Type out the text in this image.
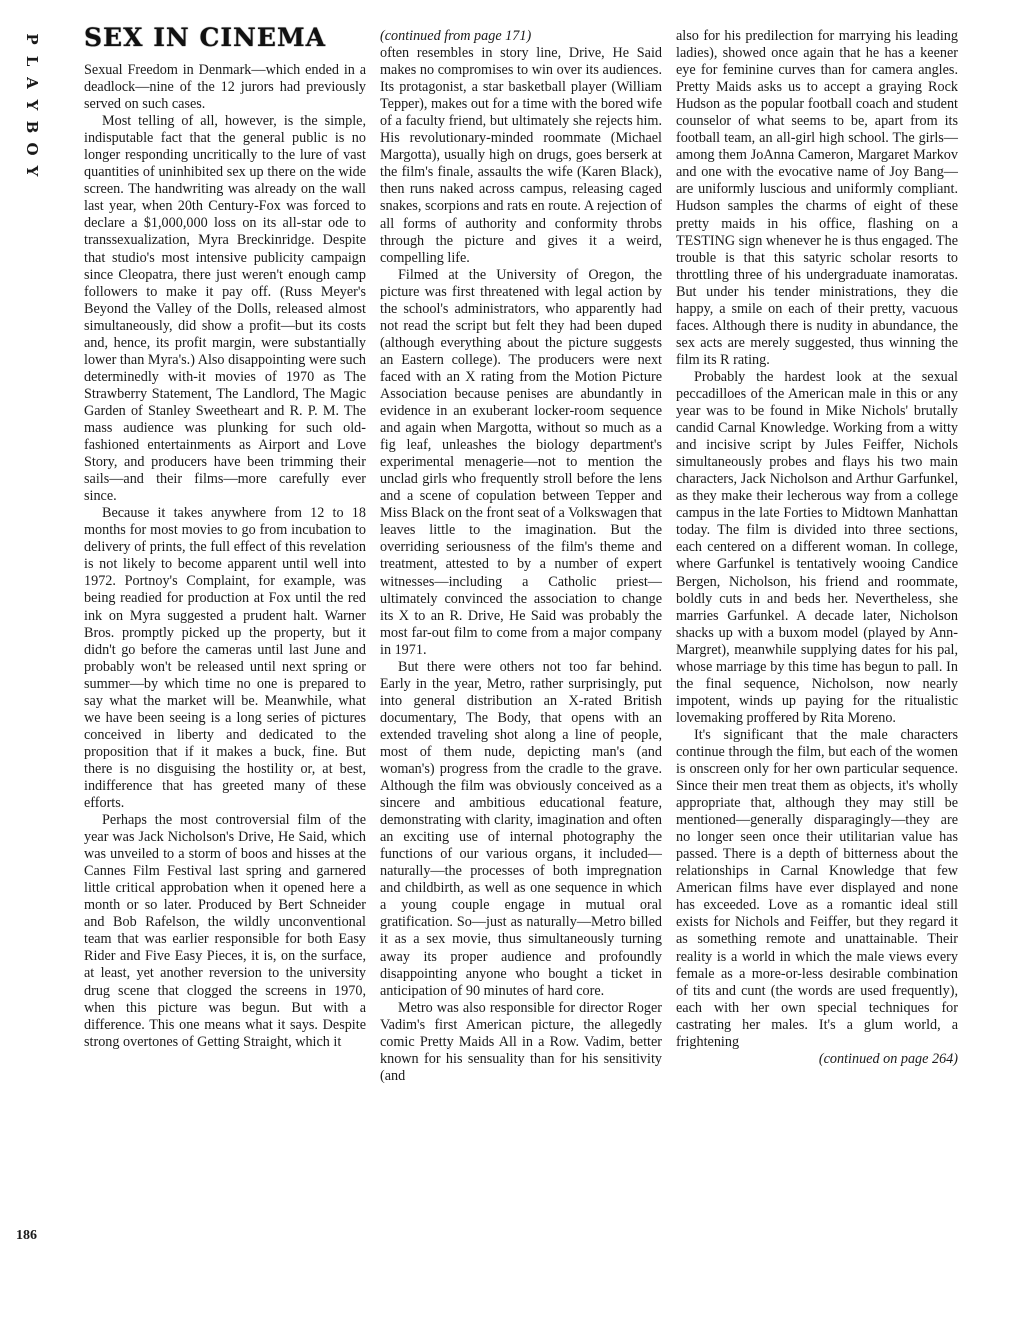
P
L
A
Y
B
O
Y
186
SEX IN CINEMA

Sexual Freedom in Denmark—which ended in a deadlock—nine of the 12 jurors had previously served on such cases.

Most telling of all, however, is the simple, indisputable fact that the general public is no longer responding uncritically to the lure of vast quantities of uninhibited sex up there on the wide screen. The handwriting was already on the wall last year, when 20th Century-Fox was forced to declare a $1,000,000 loss on its all-star ode to transsexualization, Myra Breckinridge. Despite that studio's most intensive publicity campaign since Cleopatra, there just weren't enough camp followers to make it pay off. (Russ Meyer's Beyond the Valley of the Dolls, released almost simultaneously, did show a profit—but its costs and, hence, its profit margin, were substantially lower than Myra's.) Also disappointing were such determinedly with-it movies of 1970 as The Strawberry Statement, The Landlord, The Magic Garden of Stanley Sweetheart and R. P. M. The mass audience was plunking for such old-fashioned entertainments as Airport and Love Story, and producers have been trimming their sails—and their films—more carefully ever since.

Because it takes anywhere from 12 to 18 months for most movies to go from incubation to delivery of prints, the full effect of this revelation is not likely to become apparent until well into 1972. Portnoy's Complaint, for example, was being readied for production at Fox until the red ink on Myra suggested a prudent halt. Warner Bros. promptly picked up the property, but it didn't go before the cameras until last June and probably won't be released until next spring or summer—by which time no one is prepared to say what the market will be. Meanwhile, what we have been seeing is a long series of pictures conceived in liberty and dedicated to the proposition that if it makes a buck, fine. But there is no disguising the hostility or, at best, indifference that has greeted many of these efforts.

Perhaps the most controversial film of the year was Jack Nicholson's Drive, He Said, which was unveiled to a storm of boos and hisses at the Cannes Film Festival last spring and garnered little critical approbation when it opened here a month or so later. Produced by Bert Schneider and Bob Rafelson, the wildly unconventional team that was earlier responsible for both Easy Rider and Five Easy Pieces, it is, on the surface, at least, yet another reversion to the university drug scene that clogged the screens in 1970, when this picture was begun. But with a difference. This one means what it says. Despite strong overtones of Getting Straight, which it

(continued from page 171)

often resembles in story line, Drive, He Said makes no compromises to win over its audiences. Its protagonist, a star basketball player (William Tepper), makes out for a time with the bored wife of a faculty friend, but ultimately she rejects him. His revolutionary-minded roommate (Michael Margotta), usually high on drugs, goes berserk at the film's finale, assaults the wife (Karen Black), then runs naked across campus, releasing caged snakes, scorpions and rats en route. A rejection of all forms of authority and conformity throbs through the picture and gives it a weird, compelling life.

Filmed at the University of Oregon, the picture was first threatened with legal action by the school's administrators, who apparently had not read the script but felt they had been duped (although everything about the picture suggests an Eastern college). The producers were next faced with an X rating from the Motion Picture Association because penises are abundantly in evidence in an exuberant locker-room sequence and again when Margotta, without so much as a fig leaf, unleashes the biology department's experimental menagerie—not to mention the unclad girls who frequently stroll before the lens and a scene of copulation between Tepper and Miss Black on the front seat of a Volkswagen that leaves little to the imagination. But the overriding seriousness of the film's theme and treatment, attested to by a number of expert witnesses—including a Catholic priest—ultimately convinced the association to change its X to an R. Drive, He Said was probably the most far-out film to come from a major company in 1971.

But there were others not too far behind. Early in the year, Metro, rather surprisingly, put into general distribution an X-rated British documentary, The Body, that opens with an extended traveling shot along a line of people, most of them nude, depicting man's (and woman's) progress from the cradle to the grave. Although the film was obviously conceived as a sincere and ambitious educational feature, demonstrating with clarity, imagination and often an exciting use of internal photography the functions of our various organs, it included—naturally—the processes of both impregnation and childbirth, as well as one sequence in which a young couple engage in mutual oral gratification. So—just as naturally—Metro billed it as a sex movie, thus simultaneously turning away its proper audience and profoundly disappointing anyone who bought a ticket in anticipation of 90 minutes of hard core.

Metro was also responsible for director Roger Vadim's first American picture, the allegedly comic Pretty Maids All in a Row. Vadim, better known for his sensuality than for his sensitivity (and

also for his predilection for marrying his leading ladies), showed once again that he has a keener eye for feminine curves than for camera angles. Pretty Maids asks us to accept a graying Rock Hudson as the popular football coach and student counselor of what seems to be, apart from its football team, an all-girl high school. The girls—among them JoAnna Cameron, Margaret Markov and one with the evocative name of Joy Bang—are uniformly luscious and uniformly compliant. Hudson samples the charms of eight of these pretty maids in his office, flashing on a TESTING sign whenever he is thus engaged. The trouble is that this satyric scholar resorts to throttling three of his undergraduate inamoratas. But under his tender ministrations, they die happy, a smile on each of their pretty, vacuous faces. Although there is nudity in abundance, the sex acts are merely suggested, thus winning the film its R rating.

Probably the hardest look at the sexual peccadilloes of the American male in this or any year was to be found in Mike Nichols' brutally candid Carnal Knowledge. Working from a witty and incisive script by Jules Feiffer, Nichols simultaneously probes and flays his two main characters, Jack Nicholson and Arthur Garfunkel, as they make their lecherous way from a college campus in the late Forties to Midtown Manhattan today. The film is divided into three sections, each centered on a different woman. In college, where Garfunkel is tentatively wooing Candice Bergen, Nicholson, his friend and roommate, boldly cuts in and beds her. Nevertheless, she marries Garfunkel. A decade later, Nicholson shacks up with a buxom model (played by Ann-Margret), meanwhile supplying dates for his pal, whose marriage by this time has begun to pall. In the final sequence, Nicholson, now nearly impotent, winds up paying for the ritualistic lovemaking proffered by Rita Moreno.

It's significant that the male characters continue through the film, but each of the women is onscreen only for her own particular sequence. Since their men treat them as objects, it's wholly appropriate that, although they may still be mentioned—generally disparagingly—they are no longer seen once their utilitarian value has passed. There is a depth of bitterness about the relationships in Carnal Knowledge that few American films have ever displayed and none has exceeded. Love as a romantic ideal still exists for Nichols and Feiffer, but they regard it as something remote and unattainable. Their reality is a world in which the male views every female as a more-or-less desirable combination of tits and cunt (the words are used frequently), each with her own special techniques for castrating her males. It's a glum world, a frightening

(continued on page 264)
